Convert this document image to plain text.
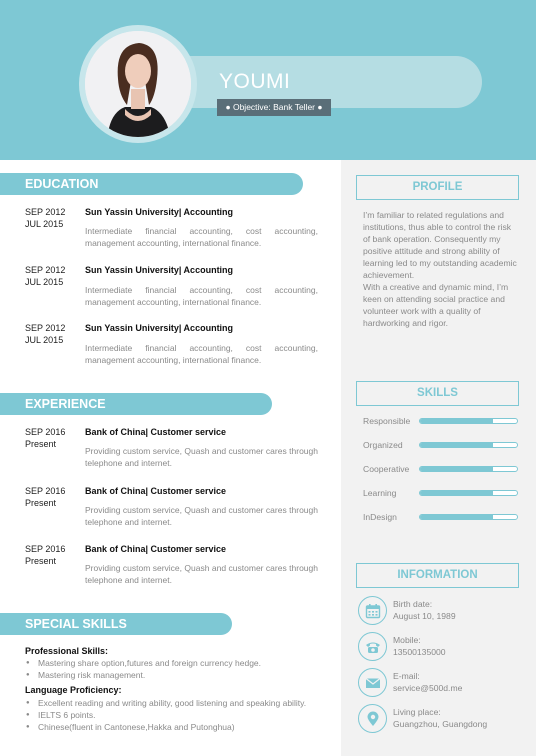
YOUMI
● Objective: Bank Teller ●
EDUCATION
SEP 2012
JUL 2015
Sun Yassin University| Accounting
Intermediate financial accounting, cost accounting, management accounting, international finance.
SEP 2012
JUL 2015
Sun Yassin University| Accounting
Intermediate financial accounting, cost accounting, management accounting, international finance.
SEP 2012
JUL 2015
Sun Yassin University| Accounting
Intermediate financial accounting, cost accounting, management accounting, international finance.
EXPERIENCE
SEP 2016
Present
Bank of China| Customer service
Providing custom service, Quash and customer cares through telephone and internet.
SEP 2016
Present
Bank of China| Customer service
Providing custom service, Quash and customer cares through telephone and internet.
SEP 2016
Present
Bank of China| Customer service
Providing custom service, Quash and customer cares through telephone and internet.
SPECIAL SKILLS
Professional Skills:
● Mastering share option,futures and foreign currency hedge.
● Mastering risk management.
Language Proficiency:
● Excellent reading and writing ability, good listening and speaking ability.
● IELTS 6 points.
● Chinese(fluent in Cantonese,Hakka and Putonghua)
PROFILE
I’m familiar to related regulations and institutions, thus able to control the risk of bank operation. Consequently my positive attitude and strong ability of learning led to my outstanding academic achievement.
With a creative and dynamic mind, I’m keen on attending social practice and volunteer work with a quality of hardworking and rigor.
SKILLS
Responsible
Organized
Cooperative
Learning
InDesign
INFORMATION
Birth date:
August 10, 1989
Mobile:
13500135000
E-mail:
service@500d.me
Living place:
Guangzhou, Guangdong
